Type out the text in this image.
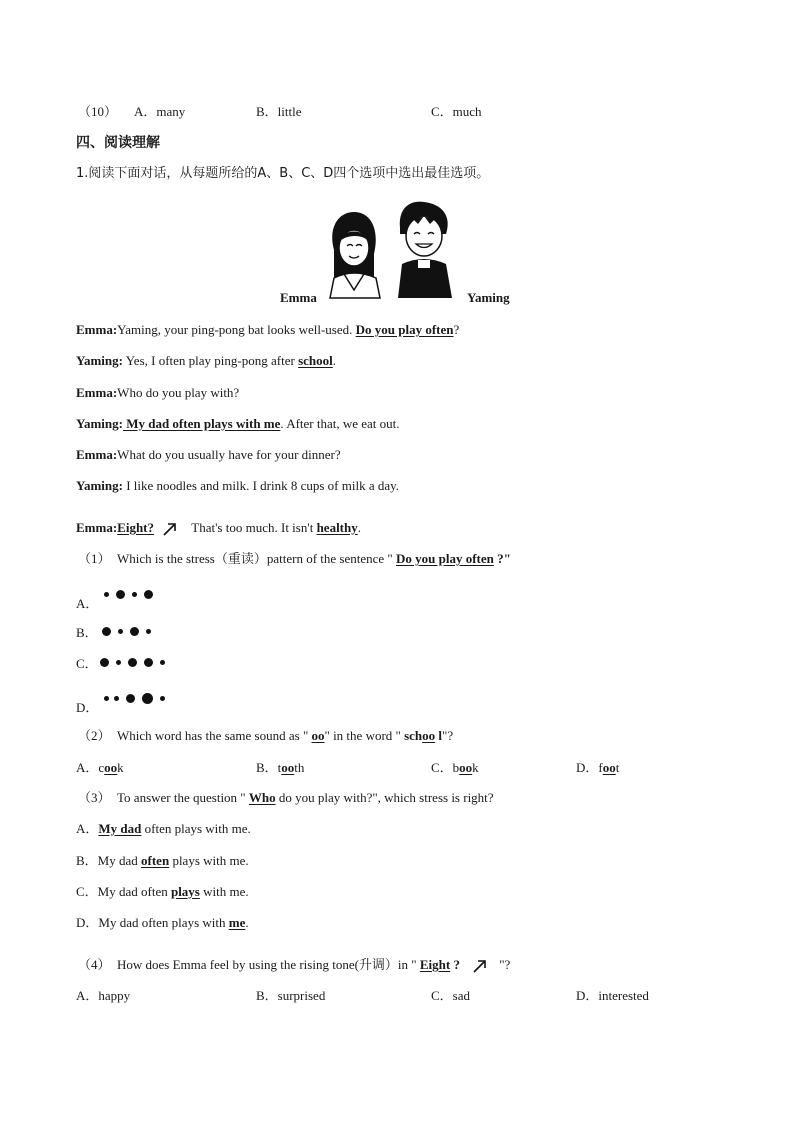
（10） A．many	B．little	C．much
四、阅读理解
1.阅读下面对话，从每题所给的A、B、C、D四个选项中选出最佳选项。
Emma	Yaming
Emma:Yaming, your ping-pong bat looks well-used. Do you play often?
Yaming: Yes, I often play ping-pong after school.
Emma:Who do you play with?
Yaming: My dad often plays with me. After that, we eat out.
Emma:What do you usually have for your dinner?
Yaming: I like noodles and milk. I drink 8 cups of milk a day.
Emma:Eight?	That's too much. It isn't healthy.
（1） Which is the stress（重读）pattern of the sentence " Do you play often ?"
A．
B．
C．
D．
（2） Which word has the same sound as " oo" in the word " schoo l"?
A．cook	B．tooth	C．book	D．foot
（3） To answer the question " Who do you play with?", which stress is right?
A．My dad often plays with me.
B．My dad often plays with me.
C．My dad often plays with me.
D．My dad often plays with me.
（4） How does Emma feel by using the rising tone(升调）in " Eight ?	"?
A．happy	B．surprised	C．sad	D．interested
